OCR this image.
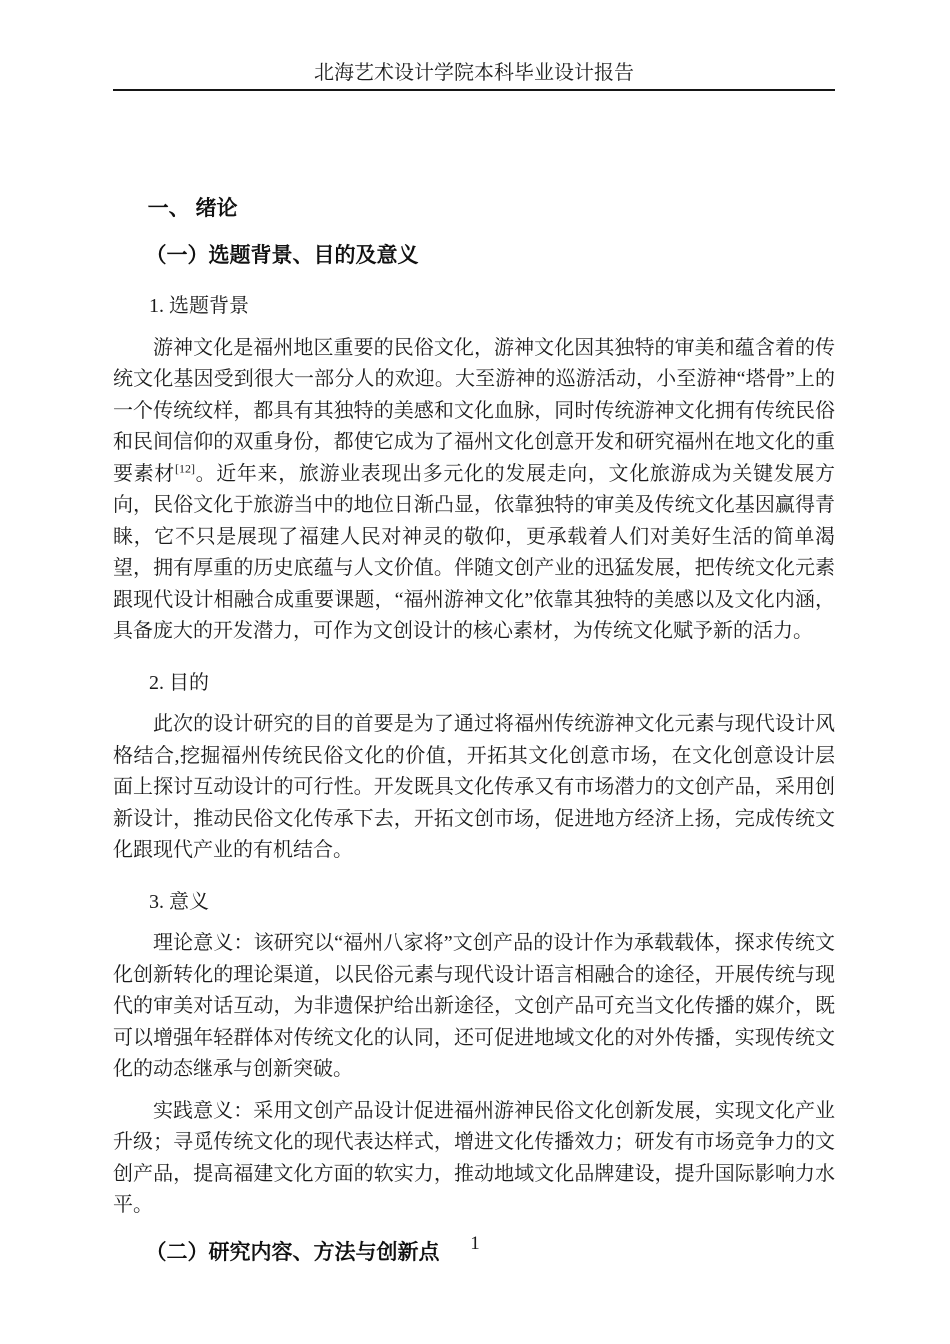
北海艺术设计学院本科毕业设计报告
一、 绪论
（一）选题背景、目的及意义
1. 选题背景

游神文化是福州地区重要的民俗文化，游神文化因其独特的审美和蕴含着的传统文化基因受到很大一部分人的欢迎。大至游神的巡游活动，小至游神“塔骨”上的一个传统纹样，都具有其独特的美感和文化血脉，同时传统游神文化拥有传统民俗和民间信仰的双重身份，都使它成为了福州文化创意开发和研究福州在地文化的重要素材[12]。近年来，旅游业表现出多元化的发展走向，文化旅游成为关键发展方向，民俗文化于旅游当中的地位日渐凸显，依靠独特的审美及传统文化基因赢得青睐，它不只是展现了福建人民对神灵的敬仰，更承载着人们对美好生活的简单渴望，拥有厚重的历史底蕴与人文价值。伴随文创产业的迅猛发展，把传统文化元素跟现代设计相融合成重要课题，“福州游神文化”依靠其独特的美感以及文化内涵，具备庞大的开发潜力，可作为文创设计的核心素材，为传统文化赋予新的活力。

2. 目的

此次的设计研究的目的首要是为了通过将福州传统游神文化元素与现代设计风格结合,挖掘福州传统民俗文化的价值，开拓其文化创意市场，在文化创意设计层面上探讨互动设计的可行性。开发既具文化传承又有市场潜力的文创产品，采用创新设计，推动民俗文化传承下去，开拓文创市场，促进地方经济上扬，完成传统文化跟现代产业的有机结合。

3. 意义

理论意义：该研究以“福州八家将”文创产品的设计作为承载载体，探求传统文化创新转化的理论渠道，以民俗元素与现代设计语言相融合的途径，开展传统与现代的审美对话互动，为非遗保护给出新途径，文创产品可充当文化传播的媒介，既可以增强年轻群体对传统文化的认同，还可促进地域文化的对外传播，实现传统文化的动态继承与创新突破。

实践意义：采用文创产品设计促进福州游神民俗文化创新发展，实现文化产业升级；寻觅传统文化的现代表达样式，增进文化传播效力；研发有市场竞争力的文创产品，提高福建文化方面的软实力，推动地域文化品牌建设，提升国际影响力水平。

（二）研究内容、方法与创新点	1
